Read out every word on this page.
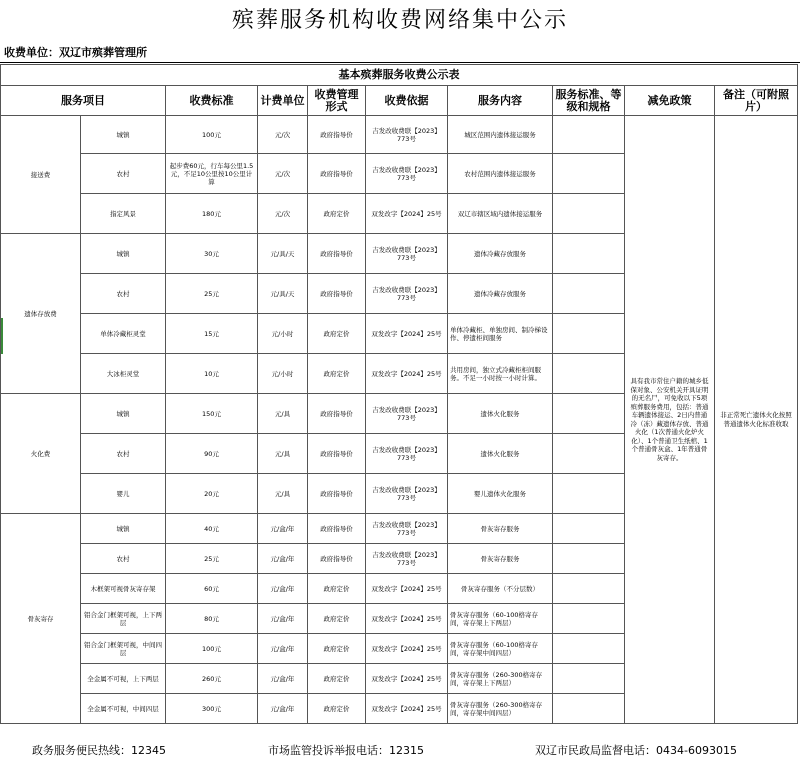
殡葬服务机构收费网络集中公示
收费单位：双辽市殡葬管理所
基本殡葬服务收费公示表									
服务项目		收费标准	计费单位	收费管理形式	收费依据	服务内容	服务标准、等级和规格	减免政策	备注（可附照片）
接送费	城镇	100元	元/次	政府指导价	吉发改收费联【2023】773号	城区范围内遗体接运服务		具有我市常住户籍的城乡低保对象、公安机关开具证明的无名尸，可免收以下5项殡葬服务费用，包括：普通车辆遗体接运、2日内普通冷（冻）藏遗体存放、普通火化（1次普通火化炉火化）、1个普通卫生纸棺、1个普通骨灰盒、1年普通骨灰寄存。	非正常死亡遗体火化按照普通遗体火化标准收取
	农村	起步费60元，行车每公里1.5元，不足10公里按10公里计算	元/次	政府指导价	吉发改收费联【2023】773号	农村范围内遗体接运服务			
	指定风景	180元	元/次	政府定价	双发改字【2024】25号	双辽市辖区域内遗体接运服务			
遗体存放费	城镇	30元	元/具/天	政府指导价	吉发改收费联【2023】773号	遗体冷藏存放服务			
	农村	25元	元/具/天	政府指导价	吉发改收费联【2023】773号	遗体冷藏存放服务			
	单体冷藏柜灵堂	15元	元/小时	政府定价	双发改字【2024】25号	单体冷藏柜、单独房间、制冷梯设作、停遗柜间服务			
	大冰柜灵堂	10元	元/小时	政府定价	双发改字【2024】25号	共用房间，独立式冷藏柜柜间服务。不足一小时按一小时计算。			
火化费	城镇	150元	元/具	政府指导价	吉发改收费联【2023】773号	遗体火化服务			
	农村	90元	元/具	政府指导价	吉发改收费联【2023】773号	遗体火化服务			
	婴儿	20元	元/具	政府指导价	吉发改收费联【2023】773号	婴儿遗体火化服务			
骨灰寄存	城镇	40元	元/盒/年	政府指导价	吉发改收费联【2023】773号	骨灰寄存服务			
	农村	25元	元/盒/年	政府指导价	吉发改收费联【2023】773号	骨灰寄存服务			
	木框架可视骨灰寄存架	60元	元/盒/年	政府定价	双发改字【2024】25号	骨灰寄存服务（不分层数）			
	铝合金门框架可视，上下两层	80元	元/盒/年	政府定价	双发改字【2024】25号	骨灰寄存服务（60-100格寄存间，寄存架上下两层）			
	铝合金门框架可视，中间四层	100元	元/盒/年	政府定价	双发改字【2024】25号	骨灰寄存服务（60-100格寄存间，寄存架中间四层）			
	全金属不可视，上下两层	260元	元/盒/年	政府定价	双发改字【2024】25号	骨灰寄存服务（260-300格寄存间，寄存架上下两层）			
	全金属不可视，中间四层	300元	元/盒/年	政府定价	双发改字【2024】25号	骨灰寄存服务（260-300格寄存间，寄存架中间四层）			
政务服务便民热线：12345	市场监管投诉举报电话：12315	双辽市民政局监督电话：0434-6093015
